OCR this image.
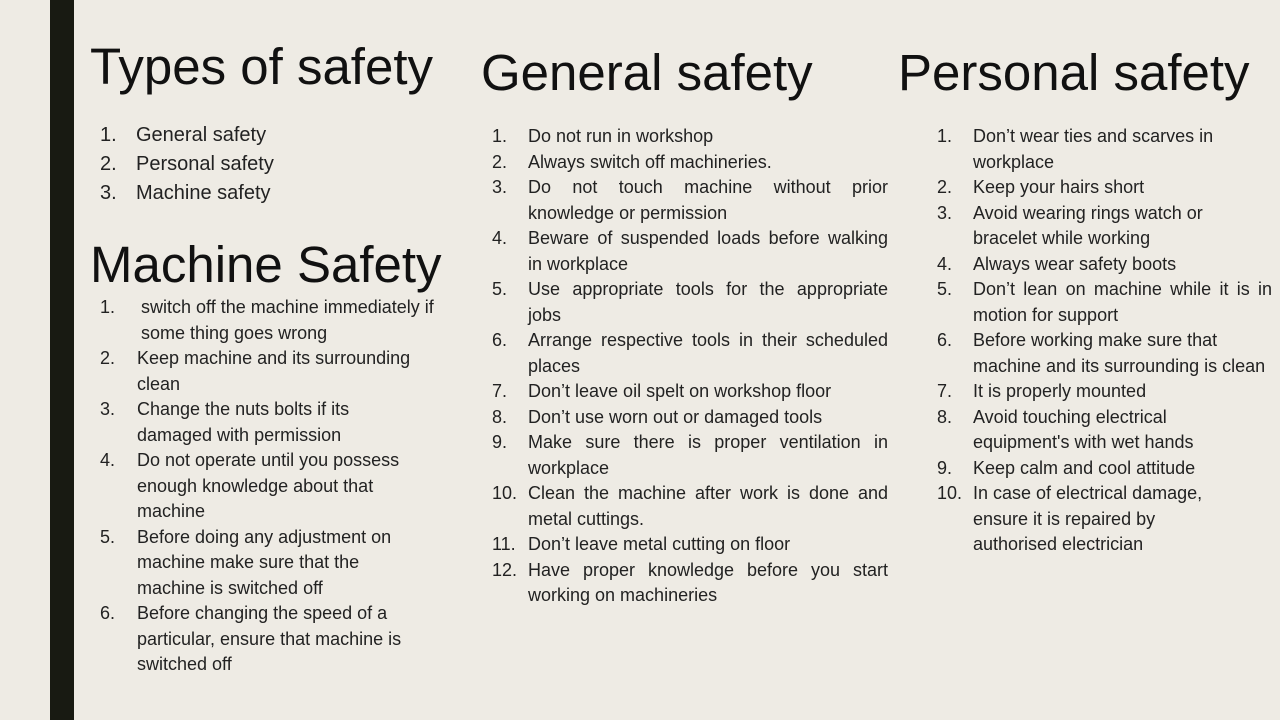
Types of safety
1. General safety
2. Personal safety
3. Machine safety
Machine Safety
1. switch off the machine immediately if some thing goes wrong
2. Keep machine and its surrounding clean
3. Change the nuts bolts if its damaged with permission
4. Do not operate until you possess enough knowledge about that machine
5. Before doing any adjustment on machine make sure that the machine is switched off
6. Before changing the speed of a particular, ensure that machine is switched off
General safety
1. Do not run in workshop
2. Always switch off machineries.
3. Do not touch machine without prior knowledge or permission
4. Beware of suspended loads before walking in workplace
5. Use appropriate tools for the appropriate jobs
6. Arrange respective tools in their scheduled places
7. Don’t leave oil spelt on workshop floor
8. Don’t use worn out or damaged tools
9. Make sure there is proper ventilation in workplace
10. Clean the machine after work is done and metal cuttings.
11. Don’t leave metal cutting on floor
12. Have proper knowledge before you start working on machineries
Personal safety
1. Don’t wear ties and scarves in workplace
2. Keep your hairs short
3. Avoid wearing rings watch or bracelet while working
4. Always wear safety boots
5. Don’t lean on machine while it is in motion for support
6. Before working make sure that machine and its surrounding is clean
7. It is properly mounted
8. Avoid touching electrical equipment's with wet hands
9. Keep calm and cool attitude
10. In case of electrical damage, ensure it is repaired by authorised electrician
